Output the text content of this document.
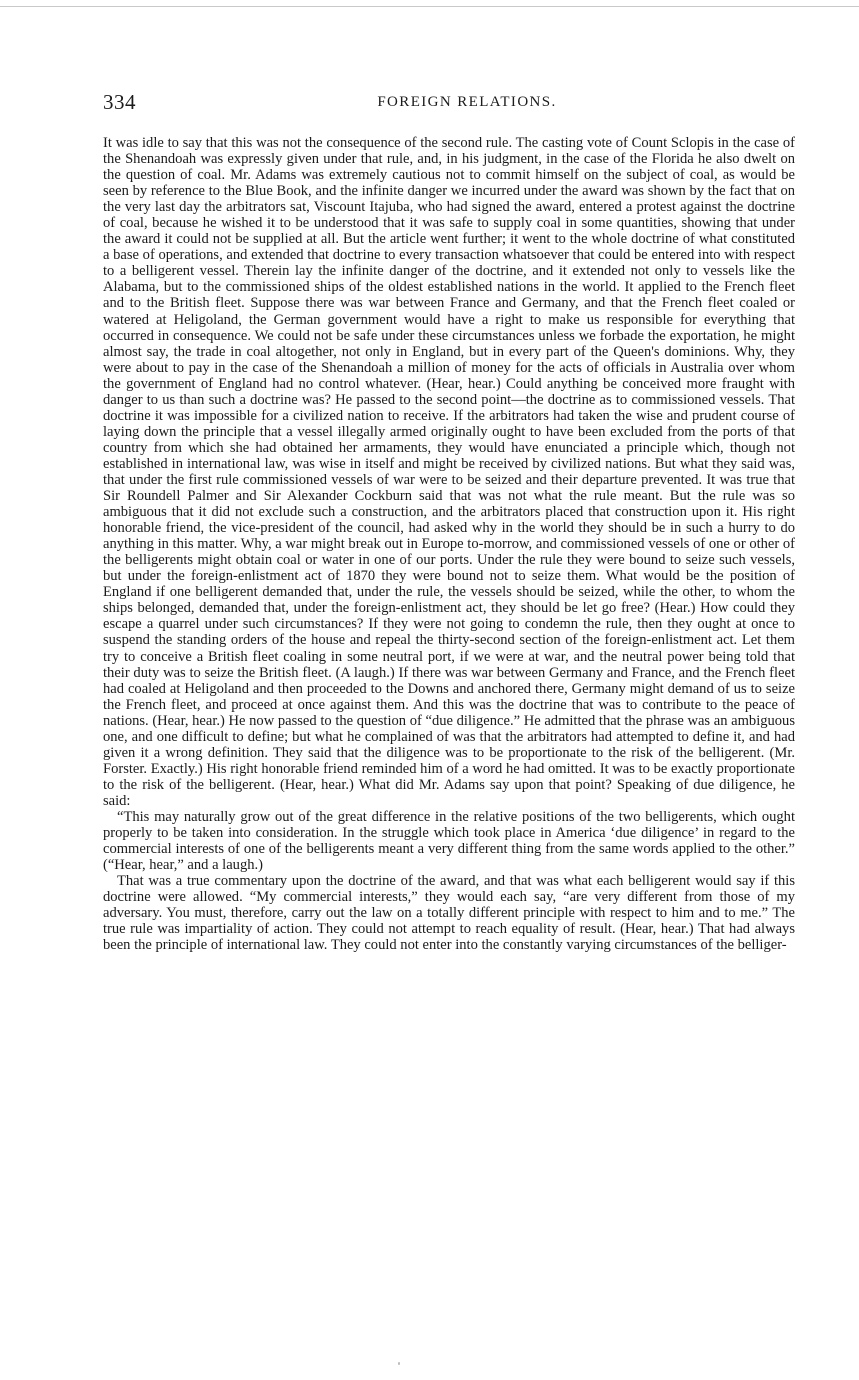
334	FOREIGN RELATIONS.

It was idle to say that this was not the consequence of the second rule. The casting vote of Count Sclopis in the case of the Shenandoah was expressly given under that rule, and, in his judgment, in the case of the Florida he also dwelt on the question of coal. Mr. Adams was extremely cautious not to commit himself on the subject of coal, as would be seen by reference to the Blue Book, and the infinite danger we incurred under the award was shown by the fact that on the very last day the arbitrators sat, Viscount Itajuba, who had signed the award, entered a protest against the doctrine of coal, because he wished it to be understood that it was safe to supply coal in some quantities, showing that under the award it could not be supplied at all. But the article went further; it went to the whole doctrine of what constituted a base of operations, and extended that doctrine to every transaction whatsoever that could be entered into with respect to a belligerent vessel. Therein lay the infinite danger of the doctrine, and it extended not only to vessels like the Alabama, but to the commissioned ships of the oldest established nations in the world. It applied to the French fleet and to the British fleet. Suppose there was war between France and Germany, and that the French fleet coaled or watered at Heligoland, the German government would have a right to make us responsible for everything that occurred in consequence. We could not be safe under these circumstances unless we forbade the exportation, he might almost say, the trade in coal altogether, not only in England, but in every part of the Queen's dominions. Why, they were about to pay in the case of the Shenandoah a million of money for the acts of officials in Australia over whom the government of England had no control whatever. (Hear, hear.) Could anything be conceived more fraught with danger to us than such a doctrine was? He passed to the second point—the doctrine as to commissioned vessels. That doctrine it was impossible for a civilized nation to receive. If the arbitrators had taken the wise and prudent course of laying down the principle that a vessel illegally armed originally ought to have been excluded from the ports of that country from which she had obtained her armaments, they would have enunciated a principle which, though not established in international law, was wise in itself and might be received by civilized nations. But what they said was, that under the first rule commissioned vessels of war were to be seized and their departure prevented. It was true that Sir Roundell Palmer and Sir Alexander Cockburn said that was not what the rule meant. But the rule was so ambiguous that it did not exclude such a construction, and the arbitrators placed that construction upon it. His right honorable friend, the vice-president of the council, had asked why in the world they should be in such a hurry to do anything in this matter. Why, a war might break out in Europe to-morrow, and commissioned vessels of one or other of the belligerents might obtain coal or water in one of our ports. Under the rule they were bound to seize such vessels, but under the foreign-enlistment act of 1870 they were bound not to seize them. What would be the position of England if one belligerent demanded that, under the rule, the vessels should be seized, while the other, to whom the ships belonged, demanded that, under the foreign-enlistment act, they should be let go free? (Hear.) How could they escape a quarrel under such circumstances? If they were not going to condemn the rule, then they ought at once to suspend the standing orders of the house and repeal the thirty-second section of the foreign-enlistment act. Let them try to conceive a British fleet coaling in some neutral port, if we were at war, and the neutral power being told that their duty was to seize the British fleet. (A laugh.) If there was war between Germany and France, and the French fleet had coaled at Heligoland and then proceeded to the Downs and anchored there, Germany might demand of us to seize the French fleet, and proceed at once against them. And this was the doctrine that was to contribute to the peace of nations. (Hear, hear.) He now passed to the question of “due diligence.” He admitted that the phrase was an ambiguous one, and one difficult to define; but what he complained of was that the arbitrators had attempted to define it, and had given it a wrong definition. They said that the diligence was to be proportionate to the risk of the belligerent. (Mr. Forster. Exactly.) His right honorable friend reminded him of a word he had omitted. It was to be exactly proportionate to the risk of the belligerent. (Hear, hear.) What did Mr. Adams say upon that point? Speaking of due diligence, he said:

“This may naturally grow out of the great difference in the relative positions of the two belligerents, which ought properly to be taken into consideration. In the struggle which took place in America ‘due diligence’ in regard to the commercial interests of one of the belligerents meant a very different thing from the same words applied to the other.” (“Hear, hear,” and a laugh.)

That was a true commentary upon the doctrine of the award, and that was what each belligerent would say if this doctrine were allowed. “My commercial interests,” they would each say, “are very different from those of my adversary. You must, therefore, carry out the law on a totally different principle with respect to him and to me.” The true rule was impartiality of action. They could not attempt to reach equality of result. (Hear, hear.) That had always been the principle of international law. They could not enter into the constantly varying circumstances of the belliger-
